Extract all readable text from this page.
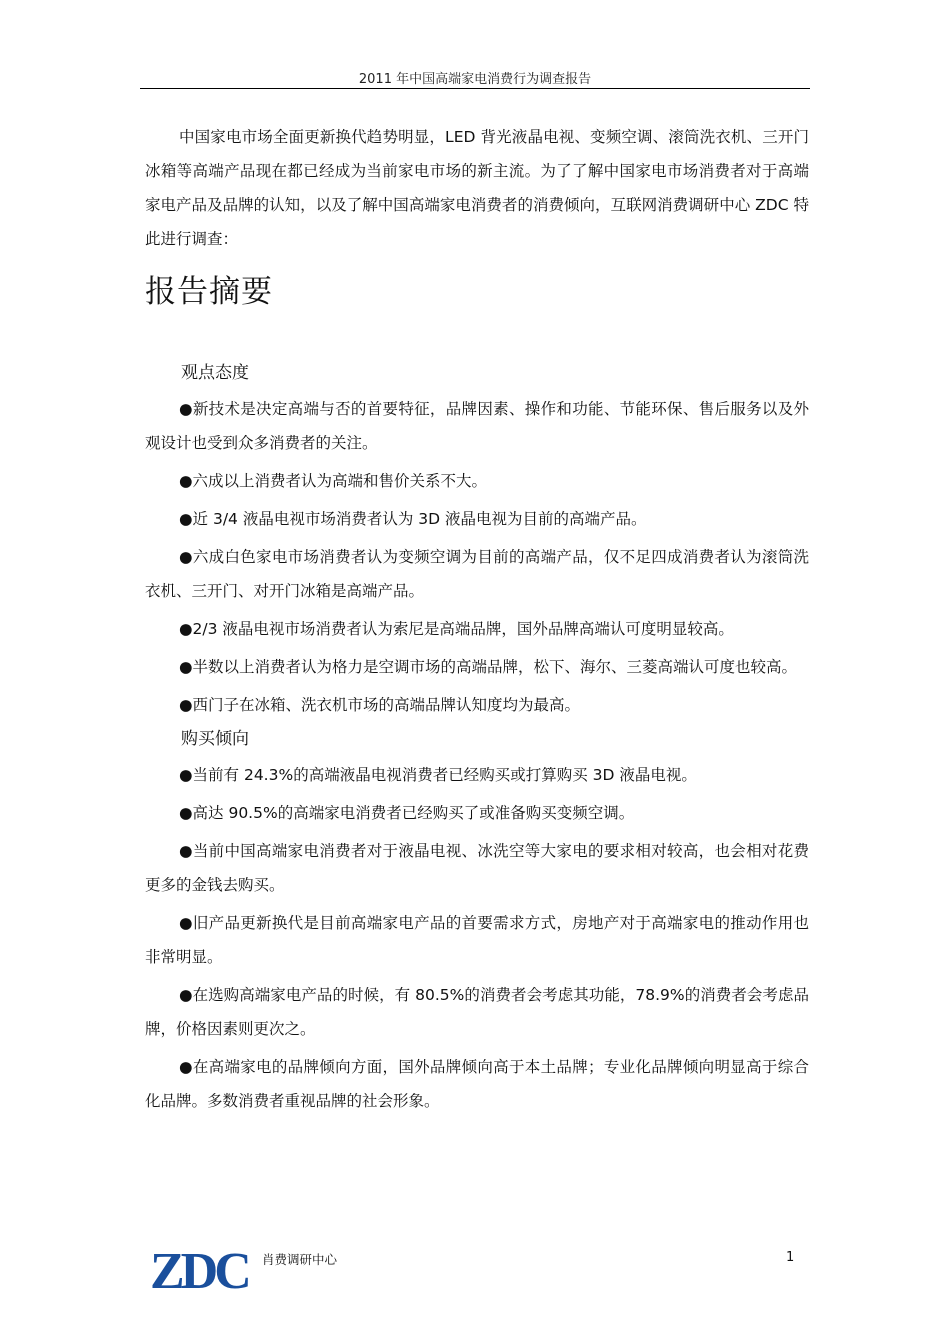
2011 年中国高端家电消费行为调查报告

中国家电市场全面更新换代趋势明显，LED 背光液晶电视、变频空调、滚筒洗衣机、三开门冰箱等高端产品现在都已经成为当前家电市场的新主流。为了了解中国家电市场消费者对于高端家电产品及品牌的认知，以及了解中国高端家电消费者的消费倾向，互联网消费调研中心 ZDC 特此进行调查：

报告摘要
观点态度

●新技术是决定高端与否的首要特征，品牌因素、操作和功能、节能环保、售后服务以及外观设计也受到众多消费者的关注。

●六成以上消费者认为高端和售价关系不大。

●近 3/4 液晶电视市场消费者认为 3D 液晶电视为目前的高端产品。

●六成白色家电市场消费者认为变频空调为目前的高端产品，仅不足四成消费者认为滚筒洗衣机、三开门、对开门冰箱是高端产品。

●2/3 液晶电视市场消费者认为索尼是高端品牌，国外品牌高端认可度明显较高。

●半数以上消费者认为格力是空调市场的高端品牌，松下、海尔、三菱高端认可度也较高。

●西门子在冰箱、洗衣机市场的高端品牌认知度均为最高。

购买倾向

●当前有 24.3%的高端液晶电视消费者已经购买或打算购买 3D 液晶电视。

●高达 90.5%的高端家电消费者已经购买了或准备购买变频空调。

●当前中国高端家电消费者对于液晶电视、冰洗空等大家电的要求相对较高，也会相对花费更多的金钱去购买。

●旧产品更新换代是目前高端家电产品的首要需求方式，房地产对于高端家电的推动作用也非常明显。

●在选购高端家电产品的时候，有 80.5%的消费者会考虑其功能，78.9%的消费者会考虑品牌，价格因素则更次之。

●在高端家电的品牌倾向方面，国外品牌倾向高于本土品牌；专业化品牌倾向明显高于综合化品牌。多数消费者重视品牌的社会形象。

ZDC 肖费调研中心	1
